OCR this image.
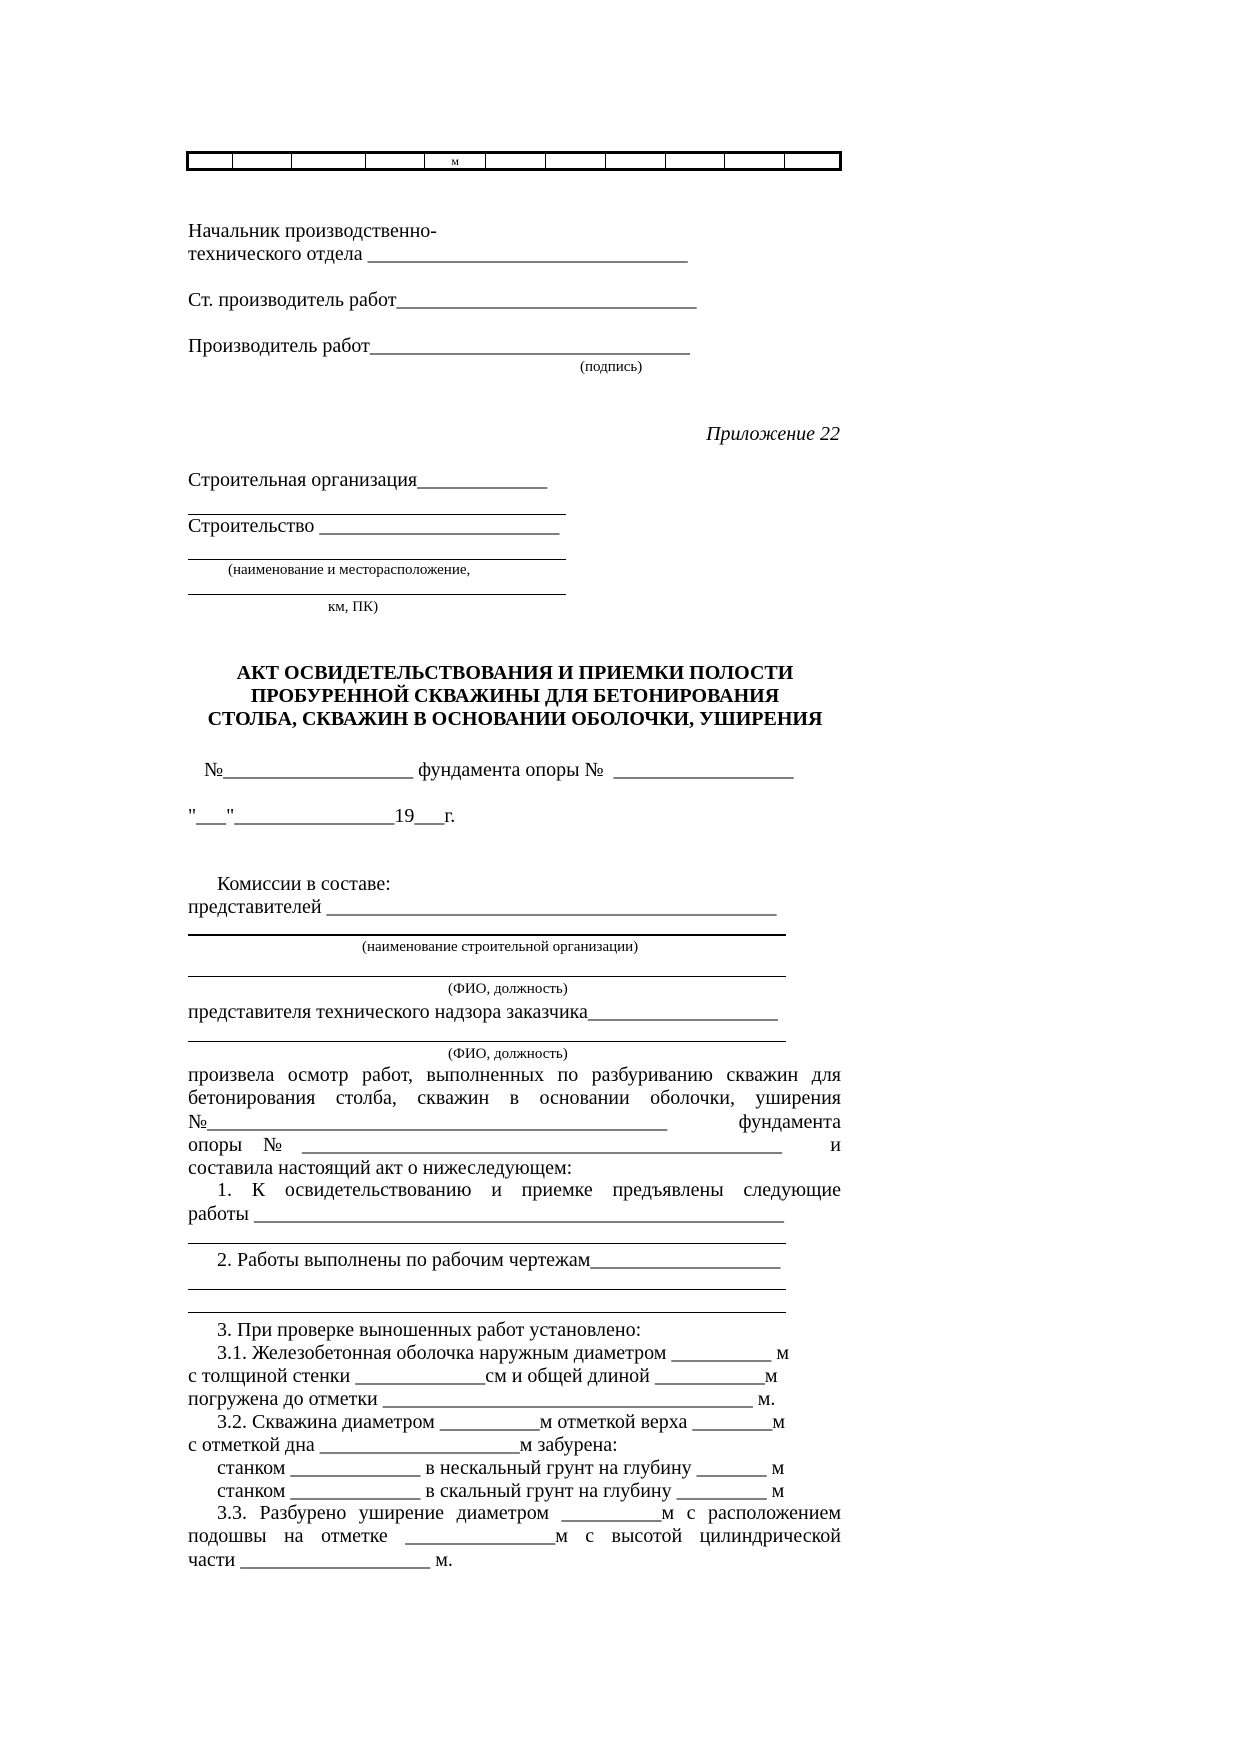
				м						
Начальник производственно-
технического отдела ________________________________
Ст. производитель работ______________________________
Производитель работ________________________________
(подпись)
Приложение 22
Строительная организация_____________
Строительство ________________________
(наименование и месторасположение,
км, ПК)
АКТ ОСВИДЕТЕЛЬСТВОВАНИЯ И ПРИЕМКИ ПОЛОСТИ
ПРОБУРЕННОЙ СКВАЖИНЫ ДЛЯ БЕТОНИРОВАНИЯ
СТОЛБА, СКВАЖИН В ОСНОВАНИИ ОБОЛОЧКИ, УШИРЕНИЯ
№___________________ фундамента опоры №  __________________
"___"________________19___г.
Комиссии в составе:
представителей _____________________________________________
(наименование строительной организации)
(ФИО, должность)
представителя технического надзора заказчика___________________
(ФИО, должность)
произвела осмотр работ, выполненных по разбуриванию скважин для
бетонирования столба, скважин в основании оболочки, уширения
№______________________________________________	фундамента
опоры № ________________________________________________ и
составила настоящий акт о нижеследующем:
1. К освидетельствованию и приемке предъявлены следующие
работы _____________________________________________________
2. Работы выполнены по рабочим чертежам___________________
3. При проверке выношенных работ установлено:
3.1. Железобетонная оболочка наружным диаметром __________ м
с толщиной стенки _____________см и общей длиной ___________м
погружена до отметки _____________________________________ м.
3.2. Скважина диаметром __________м отметкой верха ________м
с отметкой дна ____________________м забурена:
станком _____________ в нескальный грунт на глубину _______ м
станком _____________ в скальный грунт на глубину _________ м
3.3. Разбурено уширение диаметром __________м с расположением
подошвы на отметке _______________м с высотой цилиндрической
части ___________________ м.
